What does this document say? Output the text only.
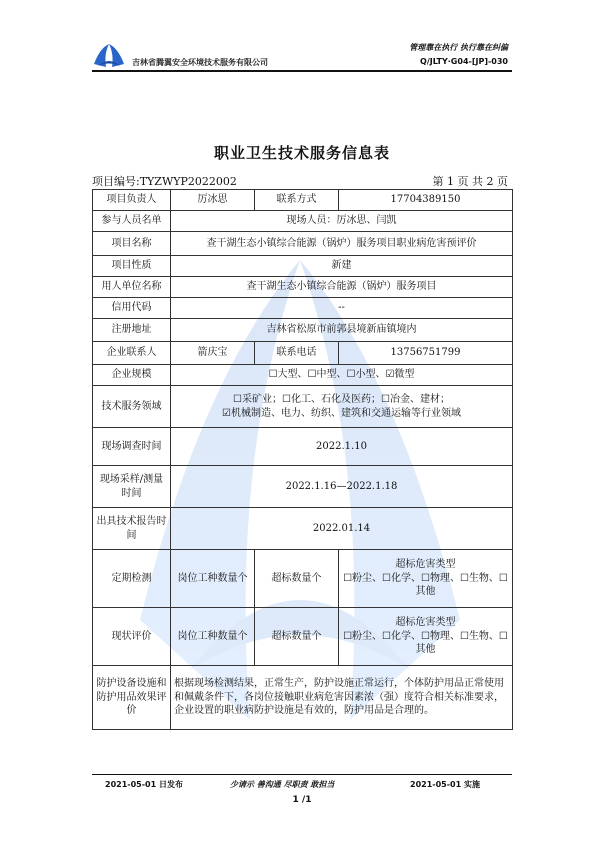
吉林省腾翼安全环境技术服务有限公司
管理靠在执行 执行靠在纠偏
Q/JLTY·G04-[JP]-030
职业卫生技术服务信息表
项目编号:TYZWYP2022002	第 1 页 共 2 页
项目负责人	厉冰思	联系方式	17704389150
参与人员名单	现场人员：厉冰思、闫凯		
项目名称	查干湖生态小镇综合能源（锅炉）服务项目职业病危害预评价		
项目性质	新建		
用人单位名称	查干湖生态小镇综合能源（锅炉）服务项目		
信用代码	--		
注册地址	吉林省松原市前郭县境新庙镇境内		
企业联系人	箭庆宝	联系电话	13756751799
企业规模	☐大型、☐中型、☐小型、☑微型		
技术服务领域	☐采矿业；☐化工、石化及医药；☐冶金、建材；
☑机械制造、电力、纺织、建筑和交通运输等行业领域		

现场调查时间	2022.1.10		
现场采样/测量时间	2022.1.16—2022.1.18		
出具技术报告时间	2022.01.14		
定期检测	岗位工种数量个	超标数量个	超标危害类型
☐粉尘、☐化学、☐物理、☐生物、☐其他

现状评价	岗位工种数量个	超标数量个	超标危害类型
☐粉尘、☐化学、☐物理、☐生物、☐其他

防护设备设施和防护用品效果评价	根据现场检测结果，正常生产，防护设施正常运行，个体防护用品正常使用和佩戴条件下，各岗位接触职业病危害因素浓（强）度符合相关标准要求，企业设置的职业病防护设施是有效的，防护用品是合理的。		
2021-05-01 日发布	少请示 善沟通 尽职责 敢担当	2021-05-01 实施
1 /1
